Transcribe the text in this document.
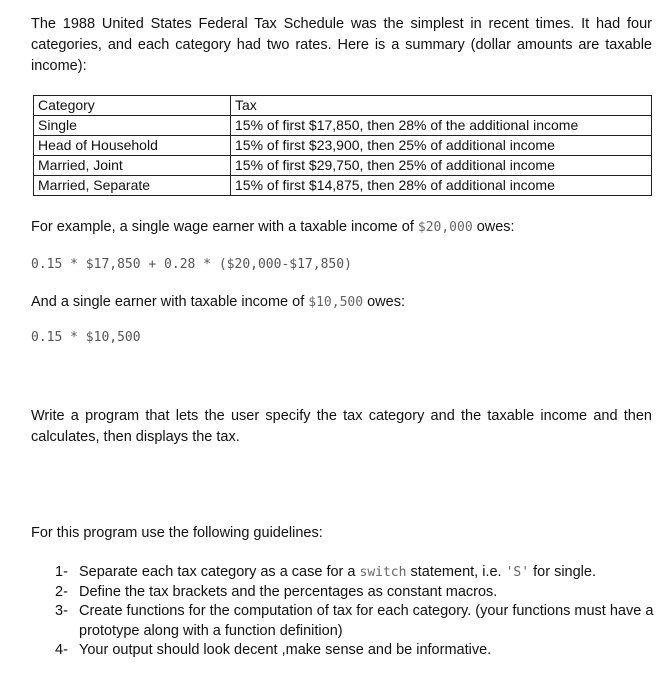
The 1988 United States Federal Tax Schedule was the simplest in recent times. It had four categories, and each category had two rates. Here is a summary (dollar amounts are taxable income):

Category	Tax
Single	15% of first $17,850, then 28% of the additional income
Head of Household	15% of first $23,900, then 25% of additional income
Married, Joint	15% of first $29,750, then 25% of additional income
Married, Separate	15% of first $14,875, then 28% of additional income
For example, a single wage earner with a taxable income of $20,000 owes:
0.15 * $17,850 + 0.28 * ($20,000-$17,850)
And a single earner with taxable income of $10,500 owes:
0.15 * $10,500

Write a program that lets the user specify the tax category and the taxable income and then calculates, then displays the tax.

For this program use the following guidelines:

1- Separate each tax category as a case for a switch statement, i.e. 'S' for single.
2- Define the tax brackets and the percentages as constant macros.
3- Create functions for the computation of tax for each category. (your functions must have a prototype along with a function definition)
4- Your output should look decent ,make sense and be informative.
